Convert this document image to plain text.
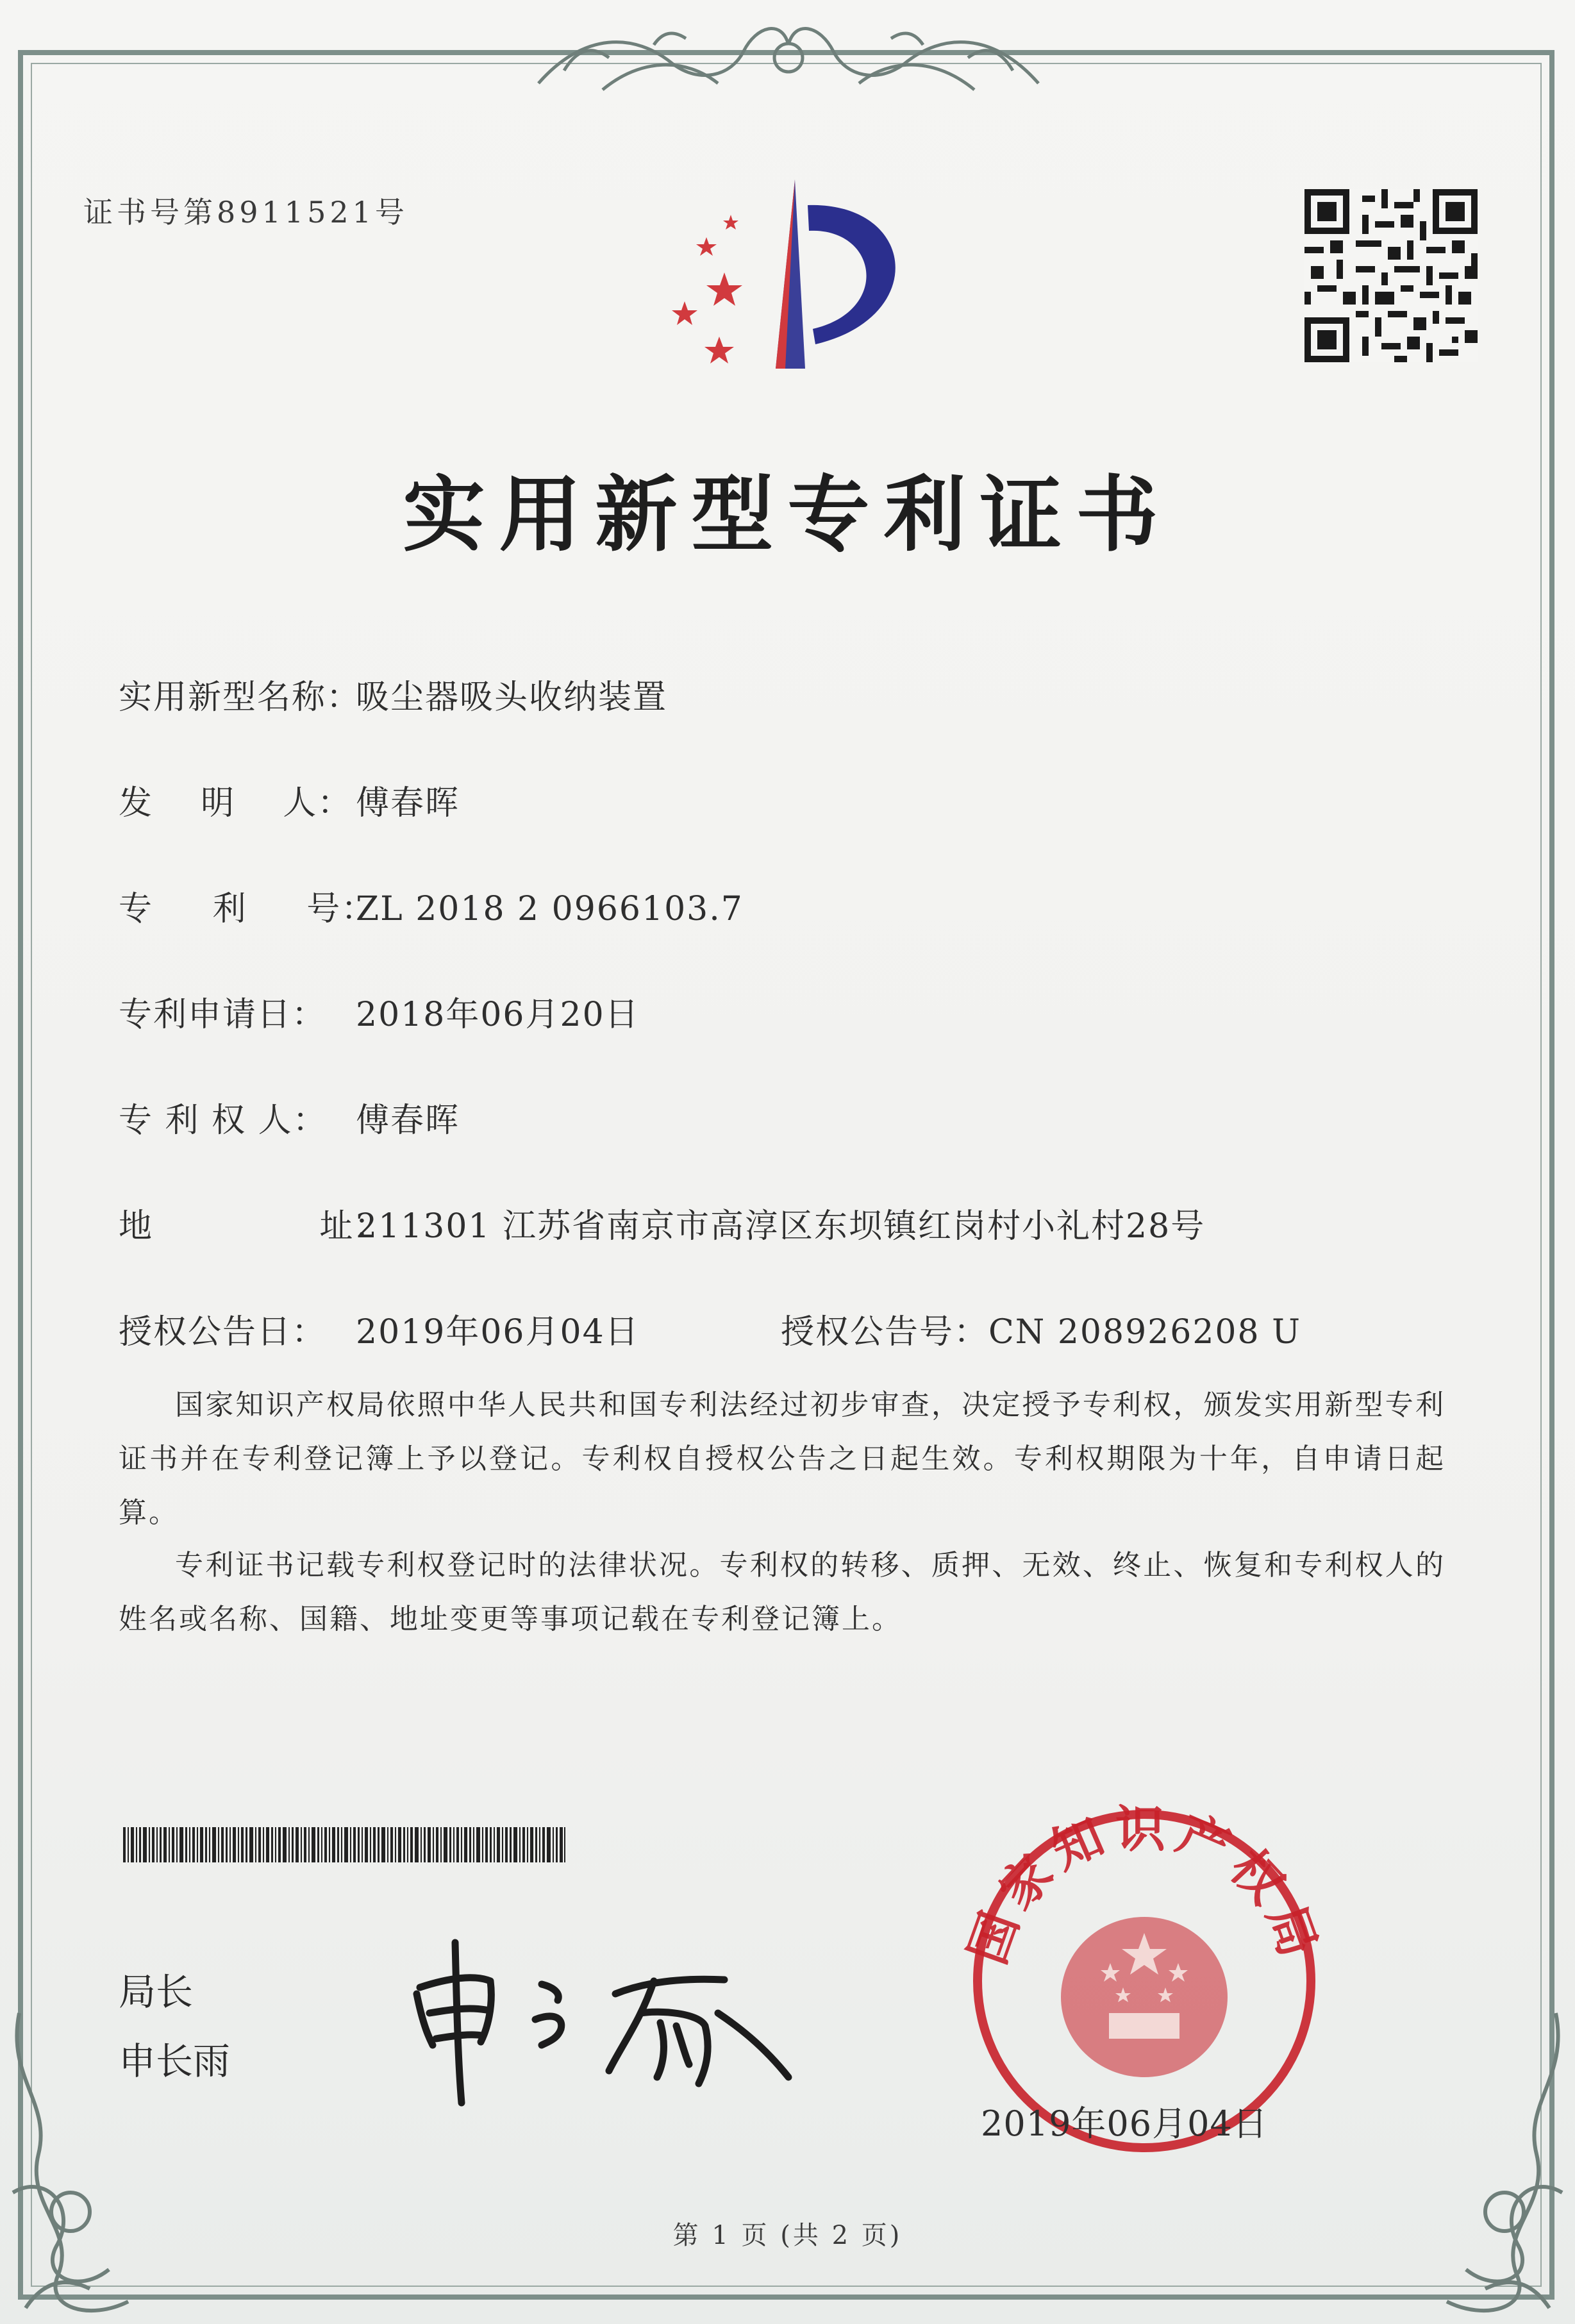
证书号第8911521号
实用新型专利证书
实用新型名称：吸尘器吸头收纳装置
发    明    人： 傅春晖
专     利     号：ZL 2018 2 0966103.7
专利申请日： 2018年06月20日
专 利 权 人： 傅春晖
地              址：211301 江苏省南京市高淳区东坝镇红岗村小礼村28号
授权公告日： 2019年06月04日	授权公告号：CN 208926208 U
国家知识产权局依照中华人民共和国专利法经过初步审查，决定授予专利权，颁发实用新型专利证书并在专利登记簿上予以登记。专利权自授权公告之日起生效。专利权期限为十年，自申请日起算。
专利证书记载专利权登记时的法律状况。专利权的转移、质押、无效、终止、恢复和专利权人的姓名或名称、国籍、地址变更等事项记载在专利登记簿上。
局长
申长雨
国家知识产权局
2019年06月04日
第 1 页 (共 2 页)
